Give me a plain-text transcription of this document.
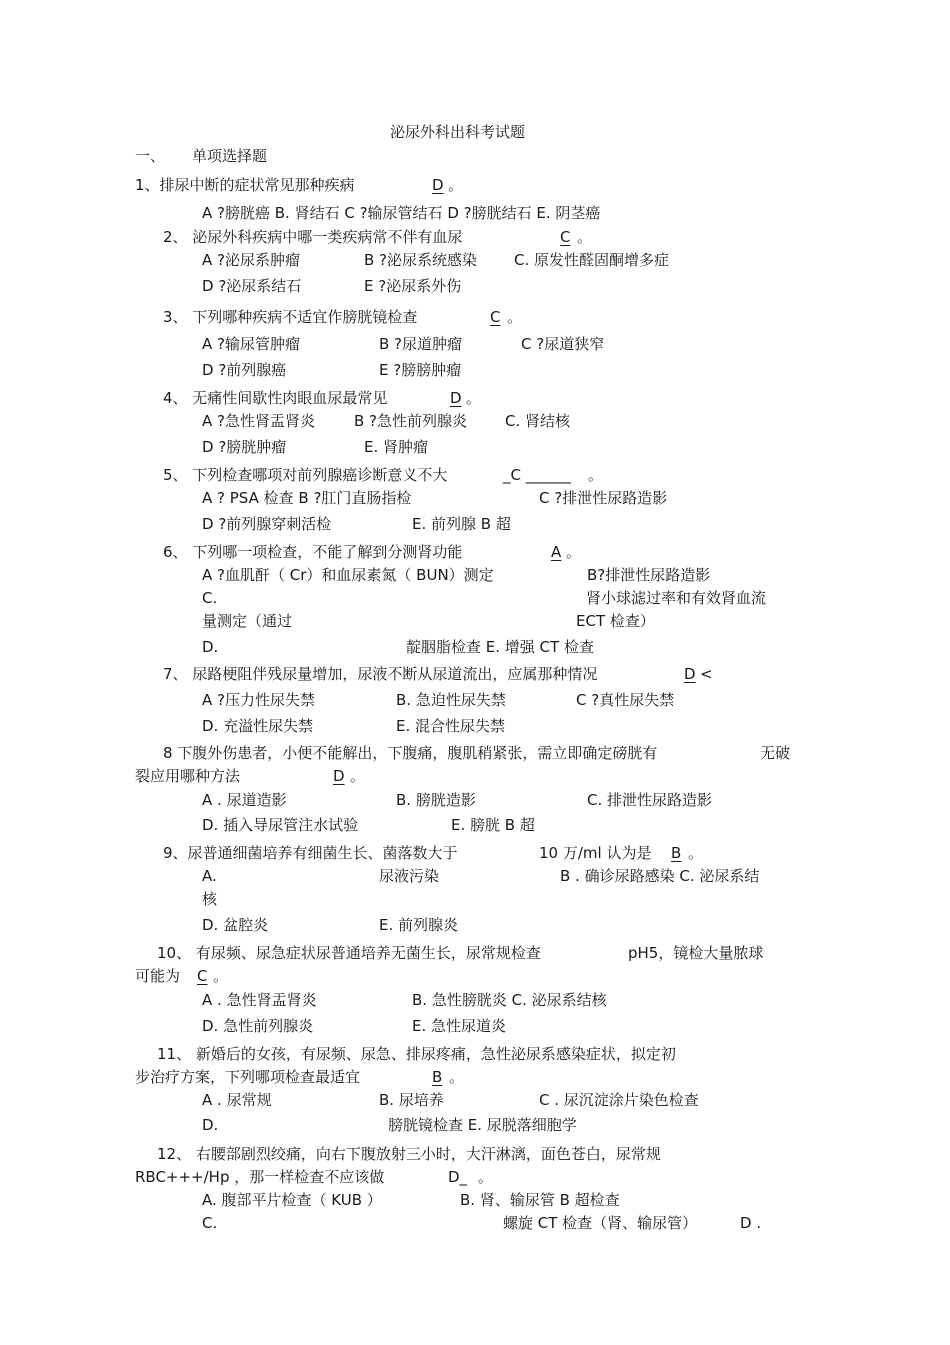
泌尿外科出科考试题
一、 单项选择题
1、排尿中断的症状常见那种疾病	D 。
A ?膀胱癌 B. 肾结石 C ?输尿管结石 D ?膀胱结石 E. 阴茎癌
2、 泌尿外科疾病中哪一类疾病常不伴有血尿	C 。
A ?泌尿系肿瘤	B ?泌尿系统感染 C. 原发性醛固酮增多症
D ?泌尿系结石	E ?泌尿系外伤
3、 下列哪种疾病不适宜作膀胱镜检查	C 。
A ?输尿管肿瘤	B ?尿道肿瘤	C ?尿道狭窄
D ?前列腺癌	E ?膀膀肿瘤
4、 无痛性间歇性肉眼血尿最常见	D 。
A ?急性肾盂肾炎	B ?急性前列腺炎	C. 肾结核
D ?膀胱肿瘤	E. 肾肿瘤
5、 下列检查哪项对前列腺癌诊断意义不大	_C ______ 。
A ? PSA 检查 B ?肛门直肠指检	C ?排泄性尿路造影
D ?前列腺穿刺活检	E. 前列腺 B 超
6、 下列哪一项检查，不能了解到分测肾功能	A 。
A ?血肌酐（ Cr）和血尿素氮（ BUN）测定	B?排泄性尿路造影
C.	肾小球滤过率和有效肾血流
量测定（通过	ECT 检查）
D.	靛胭脂检查 E. 增强 CT 检查
7、 尿路梗阻伴残尿量增加，尿液不断从尿道流出，应属那种情况	D <
A ?压力性尿失禁	B. 急迫性尿失禁	C ?真性尿失禁
D. 充溢性尿失禁	E. 混合性尿失禁
8 下腹外伤患者，小便不能解出，下腹痛，腹肌稍紧张，需立即确定磅胱有	无破
裂应用哪种方法	D 。
A . 尿道造影	B. 膀胱造影	C. 排泄性尿路造影
D. 插入导尿管注水试验	E. 膀胱 B 超
9、尿普通细菌培养有细菌生长、菌落数大于	10 万/ml 认为是 B 。
A.	尿液污染	B . 确诊尿路感染 C. 泌尿系结
核
D. 盆腔炎	E. 前列腺炎
10、 有尿频、尿急症状尿普通培养无菌生长，尿常规检查	pH5，镜检大量脓球
可能为 C 。
A . 急性肾盂肾炎	B. 急性膀胱炎 C. 泌尿系结核
D. 急性前列腺炎	E. 急性尿道炎
11、 新婚后的女孩，有尿频、尿急、排尿疼痛，急性泌尿系感染症状，拟定初
步治疗方案，下列哪项检查最适宜	B 。
A . 尿常规	B. 尿培养	C . 尿沉淀涂片染色检查
D.	膀胱镜检查 E. 尿脱落细胞学
12、 右腰部剧烈绞痛，向右下腹放射三小时，大汗淋漓，面色苍白，尿常规
RBC+++/Hp ，那一样检查不应该做	D_ 。
A. 腹部平片检查（ KUB ）	B. 肾、输尿管 B 超检查
C.	螺旋 CT 检查（肾、输尿管）	D .
